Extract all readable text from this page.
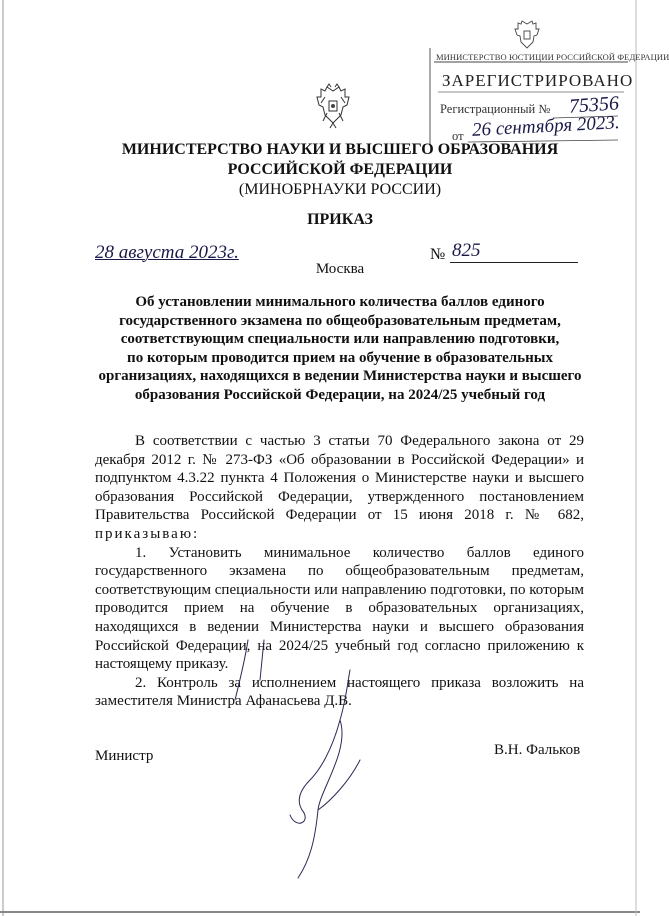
МИНИСТЕРСТВО ЮСТИЦИИ РОССИЙСКОЙ ФЕДЕРАЦИИ
ЗАРЕГИСТРИРОВАНО
Регистрационный № 75356
от 26 сентября 2023.
МИНИСТЕРСТВО НАУКИ И ВЫСШЕГО ОБРАЗОВАНИЯ
РОССИЙСКОЙ ФЕДЕРАЦИИ
(МИНОБРНАУКИ РОССИИ)
ПРИКАЗ
28 августа 2023г.	№ 825
Москва
Об установлении минимального количества баллов единого
государственного экзамена по общеобразовательным предметам,
соответствующим специальности или направлению подготовки,
по которым проводится прием на обучение в образовательных
организациях, находящихся в ведении Министерства науки и высшего
образования Российской Федерации, на 2024/25 учебный год

В соответствии с частью 3 статьи 70 Федерального закона от 29 декабря 2012 г. № 273-ФЗ «Об образовании в Российской Федерации» и подпунктом 4.3.22 пункта 4 Положения о Министерстве науки и высшего образования Российской Федерации, утвержденного постановлением Правительства Российской Федерации от 15 июня 2018 г. № 682, приказываю:

1. Установить минимальное количество баллов единого государственного экзамена по общеобразовательным предметам, соответствующим специальности или направлению подготовки, по которым проводится прием на обучение в образовательных организациях, находящихся в ведении Министерства науки и высшего образования Российской Федерации, на 2024/25 учебный год согласно приложению к настоящему приказу.

2. Контроль за исполнением настоящего приказа возложить на заместителя Министра Афанасьева Д.В.

Министр	В.Н. Фальков
